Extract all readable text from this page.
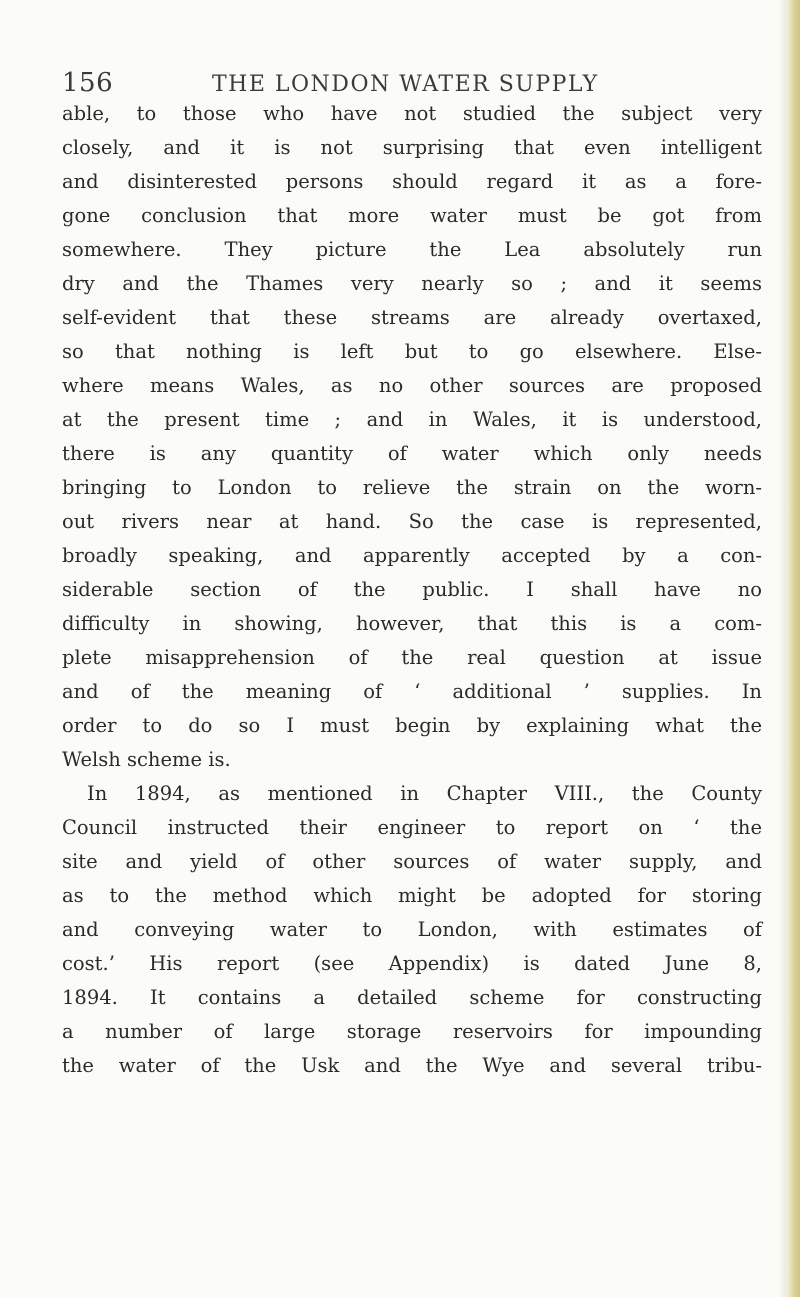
156	THE LONDON WATER SUPPLY
able, to those who have not studied the subject very
closely, and it is not surprising that even intelligent
and disinterested persons should regard it as a fore-
gone conclusion that more water must be got from
somewhere. They picture the Lea absolutely run
dry and the Thames very nearly so ; and it seems
self-evident that these streams are already overtaxed,
so that nothing is left but to go elsewhere. Else-
where means Wales, as no other sources are proposed
at the present time ; and in Wales, it is understood,
there is any quantity of water which only needs
bringing to London to relieve the strain on the worn-
out rivers near at hand. So the case is represented,
broadly speaking, and apparently accepted by a con-
siderable section of the public. I shall have no
difficulty in showing, however, that this is a com-
plete misapprehension of the real question at issue
and of the meaning of ‘ additional ’ supplies. In
order to do so I must begin by explaining what the
Welsh scheme is.
In 1894, as mentioned in Chapter VIII., the County
Council instructed their engineer to report on ‘ the
site and yield of other sources of water supply, and
as to the method which might be adopted for storing
and conveying water to London, with estimates of
cost.’ His report (see Appendix) is dated June 8,
1894. It contains a detailed scheme for constructing
a number of large storage reservoirs for impounding
the water of the Usk and the Wye and several tribu-
